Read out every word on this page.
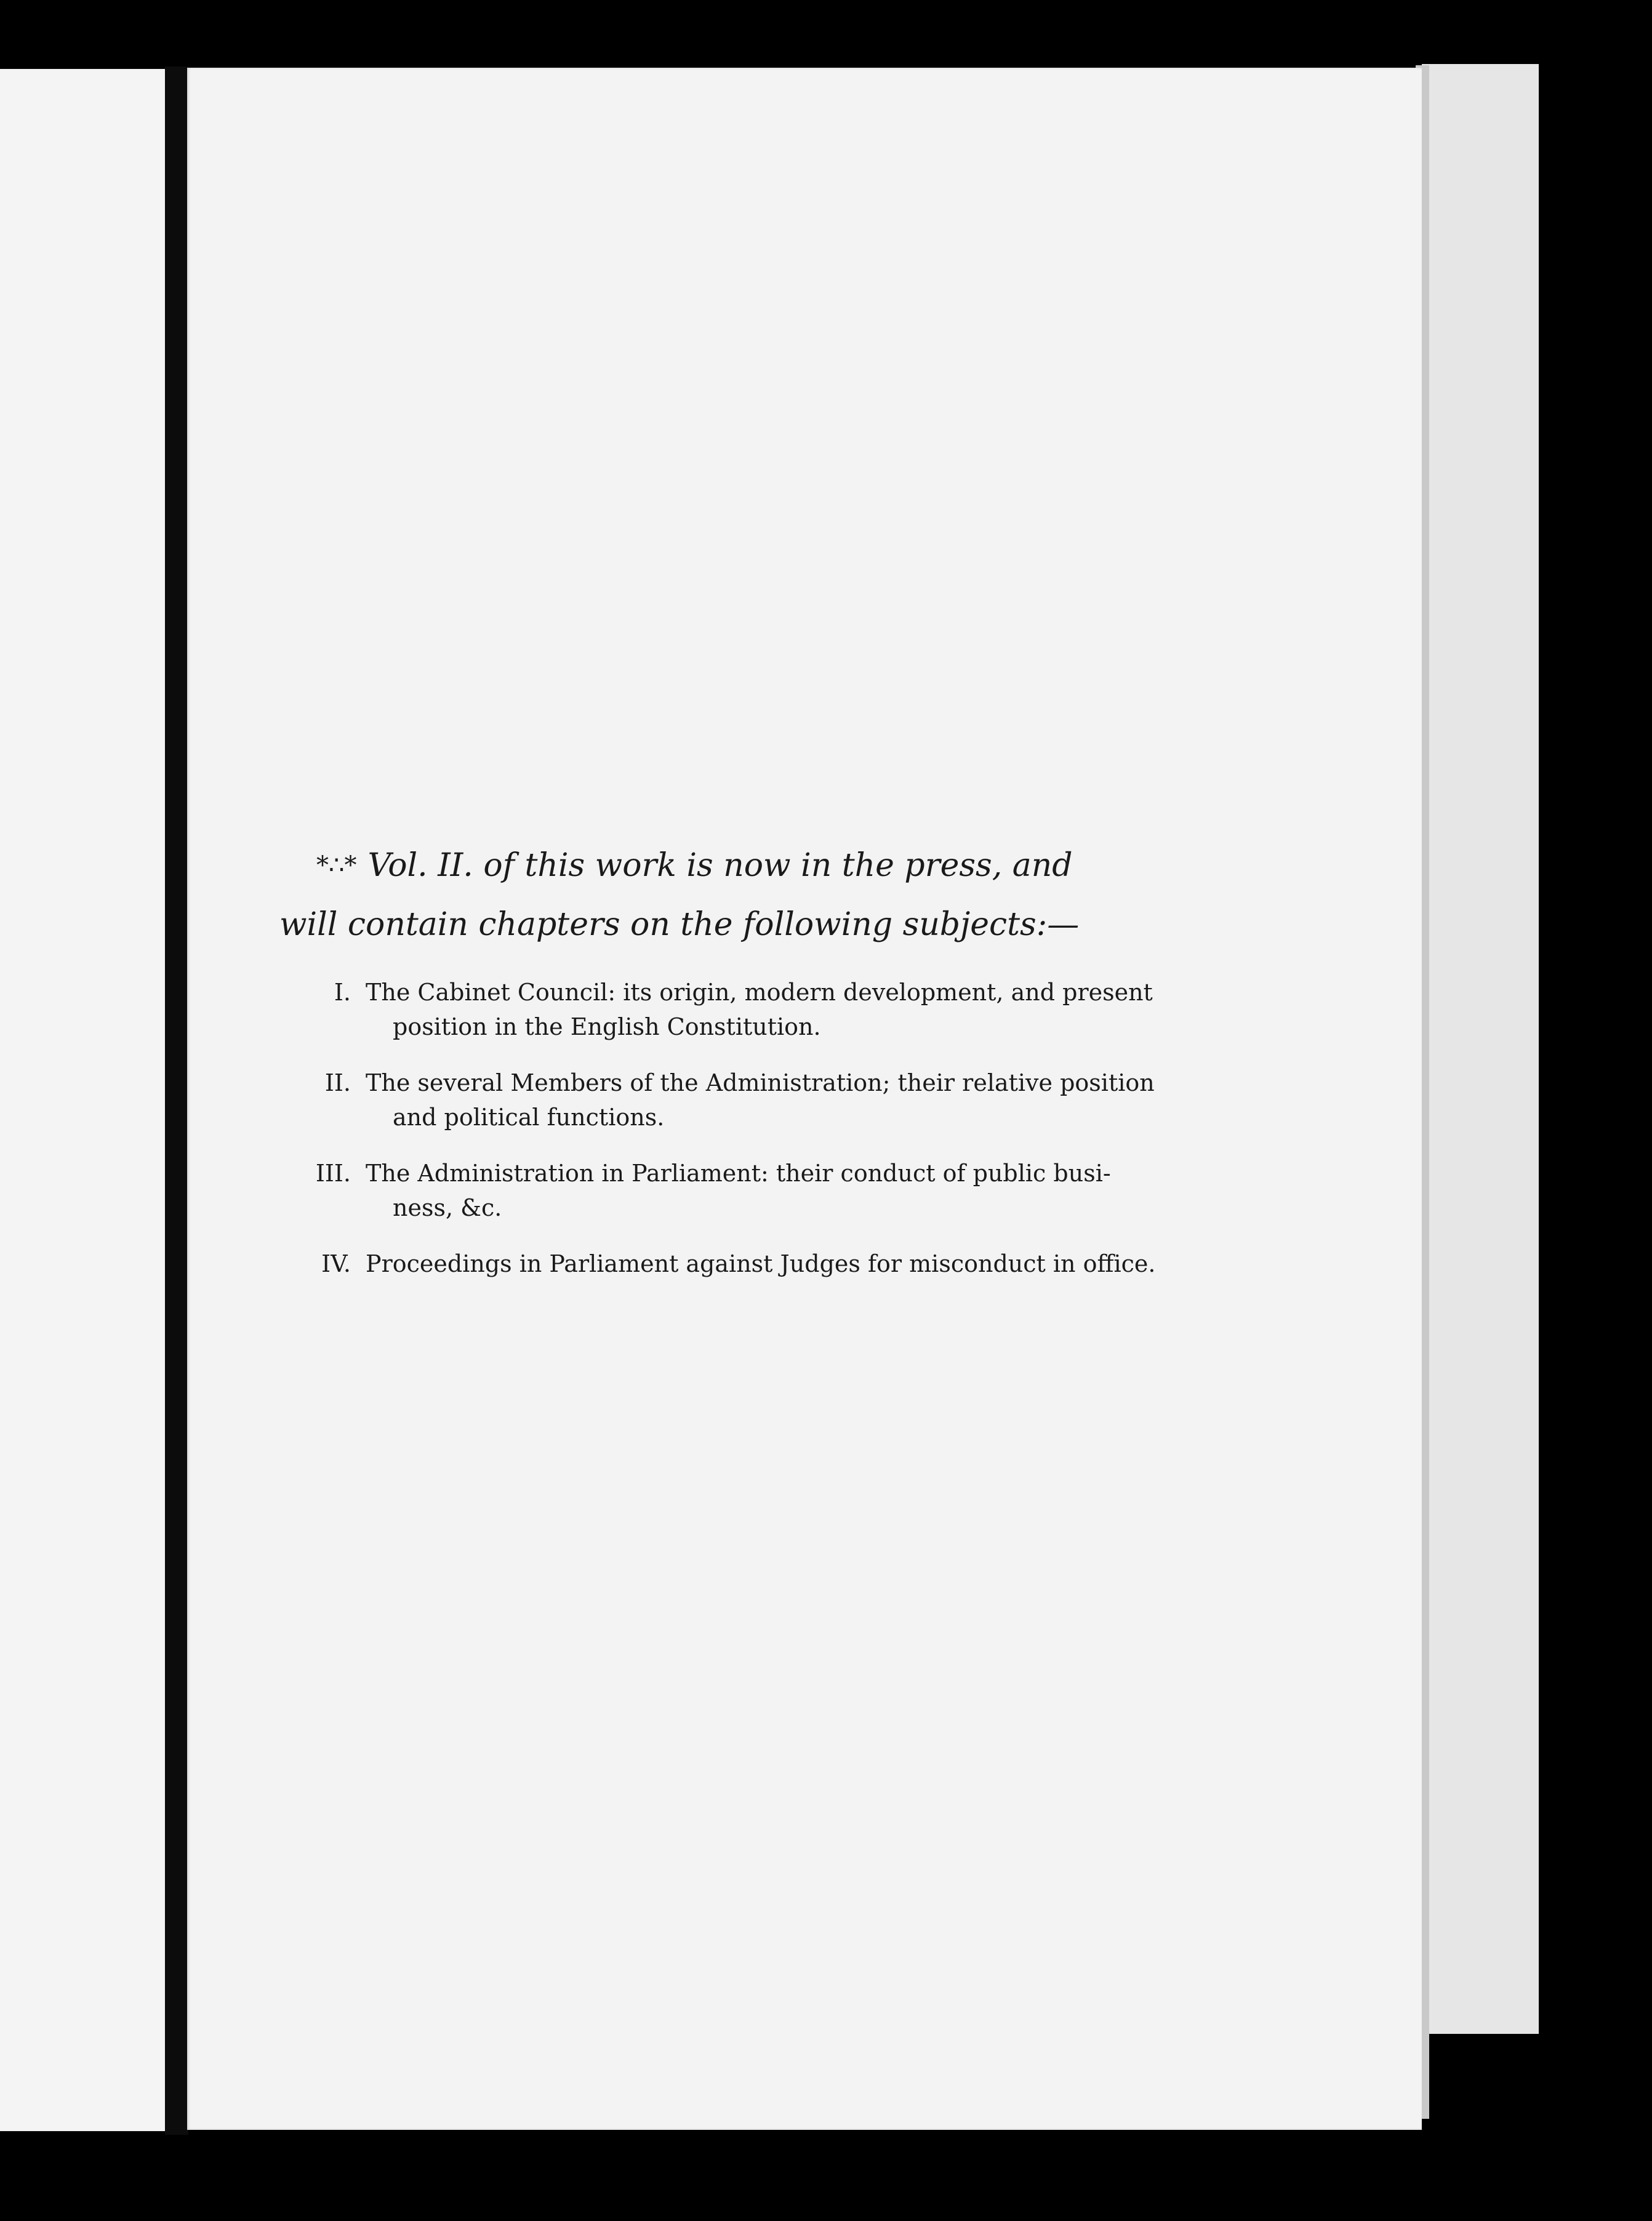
*∴* Vol. II. of this work is now in the press, and
will contain chapters on the following subjects:—

I. The Cabinet Council: its origin, modern development, and present
position in the English Constitution.
II. The several Members of the Administration; their relative position
and political functions.
III. The Administration in Parliament: their conduct of public busi-
ness, &c.
IV. Proceedings in Parliament against Judges for misconduct in office.
